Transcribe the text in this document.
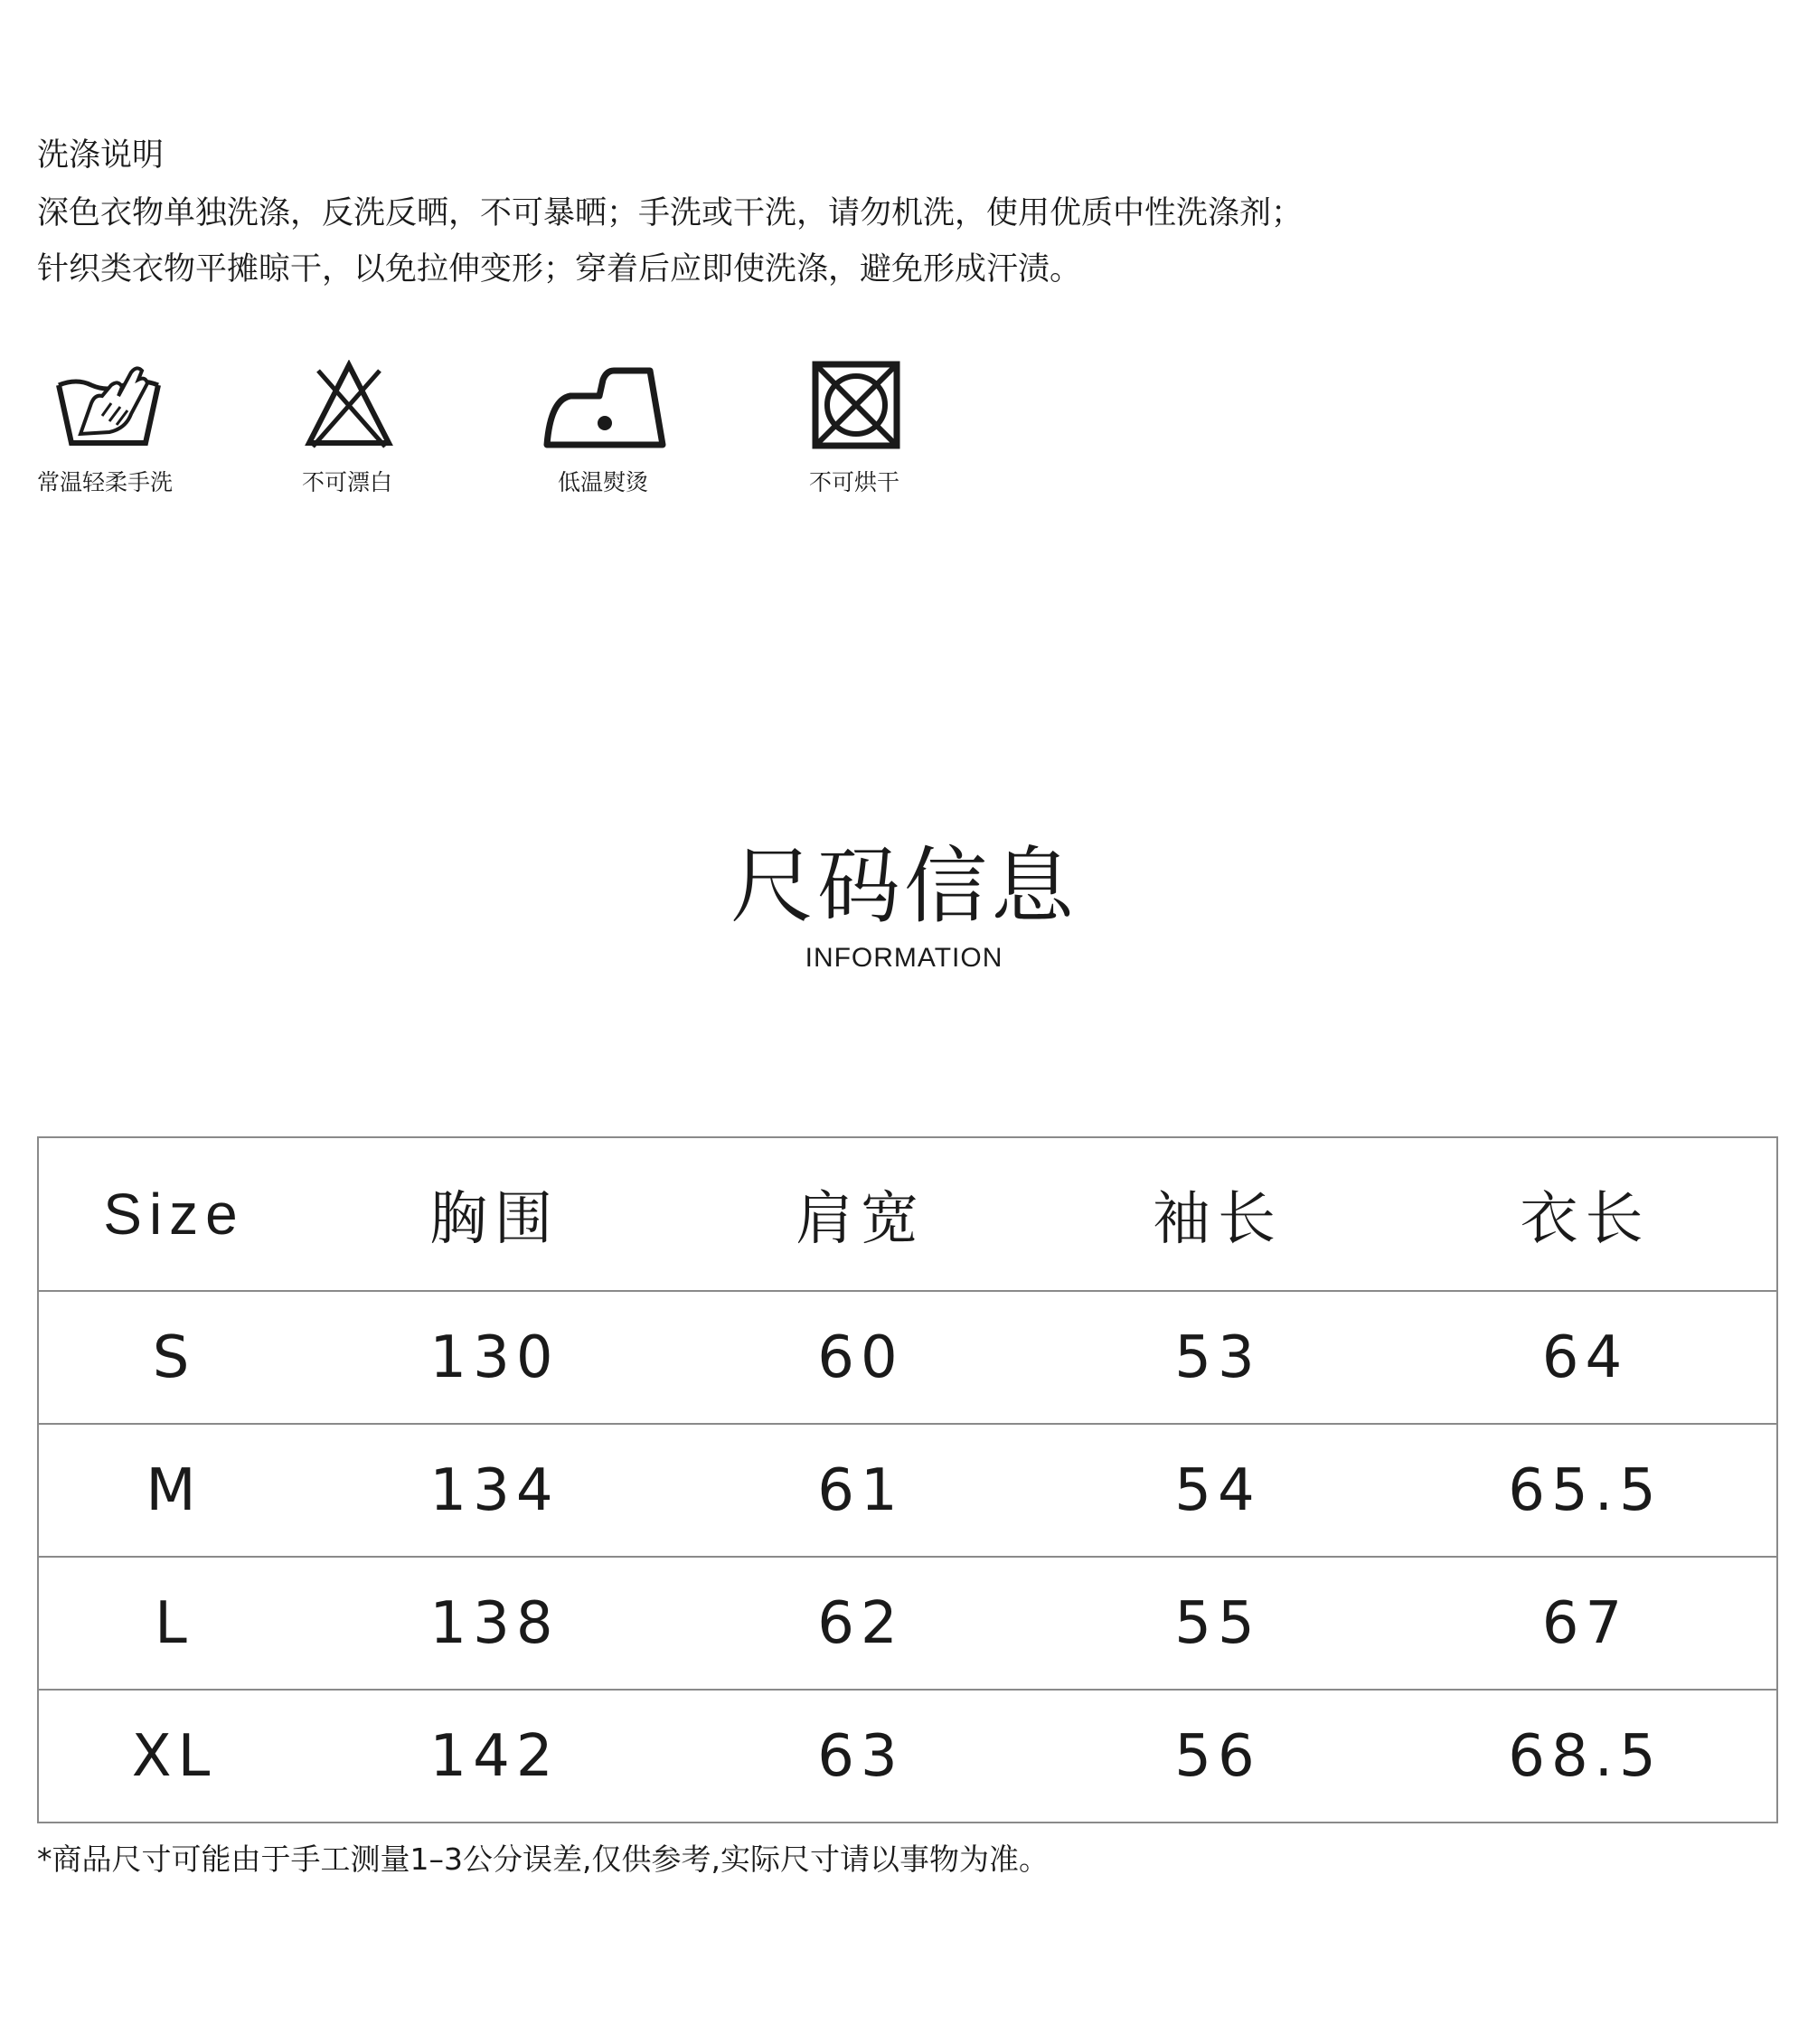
洗涤说明
深色衣物单独洗涤，反洗反晒，不可暴晒；手洗或干洗，请勿机洗，使用优质中性洗涤剂；
针织类衣物平摊晾干，以免拉伸变形；穿着后应即使洗涤，避免形成汗渍。
常温轻柔手洗	不可漂白	低温熨烫	不可烘干
尺码信息
INFORMATION
Size	胸围	肩宽	袖长	衣长
S	130	60	53	64
M	134	61	54	65.5
L	138	62	55	67
XL	142	63	56	68.5
*商品尺寸可能由于手工测量1–3公分误差,仅供参考,实际尺寸请以事物为准。
